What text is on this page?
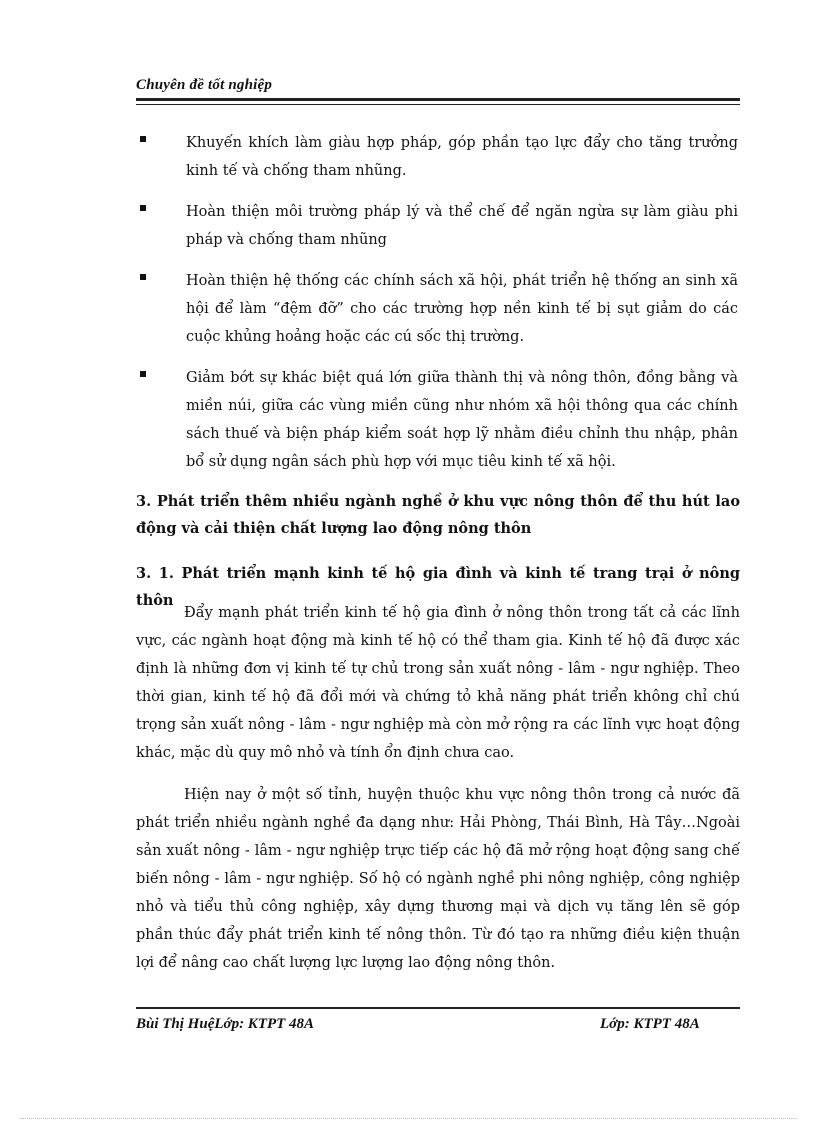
Chuyên đề tốt nghiệp
Khuyến khích làm giàu hợp pháp, góp phần tạo lực đẩy cho tăng trưởng kinh tế và chống tham nhũng.
Hoàn thiện môi trường pháp lý và thể chế để ngăn ngừa sự làm giàu phi pháp và chống tham nhũng
Hoàn thiện hệ thống các chính sách xã hội, phát triển hệ thống an sinh xã hội để làm “đệm đỡ” cho các trường hợp nền kinh tế bị sụt giảm do các cuộc khủng hoảng hoặc các cú sốc thị trường.
Giảm bớt sự khác biệt quá lớn giữa thành thị và nông thôn, đồng bằng và miền núi, giữa các vùng miền cũng như nhóm xã hội thông qua các chính sách thuế và biện pháp kiểm soát hợp lỹ nhằm điều chỉnh thu nhập, phân bổ sử dụng ngân sách phù hợp với mục tiêu kinh tế xã hội.
3. Phát triển thêm nhiều ngành nghề ở khu vực nông thôn để thu hút lao động và cải thiện chất lượng lao động nông thôn
3. 1. Phát triển mạnh kinh tế hộ gia đình và kinh tế trang trại ở nông thôn
Đẩy mạnh phát triển kinh tế hộ gia đình ở nông thôn trong tất cả các lĩnh vực, các ngành hoạt động mà kinh tế hộ có thể tham gia. Kinh tế hộ đã được xác định là những đơn vị kinh tế tự chủ trong sản xuất nông - lâm - ngư nghiệp. Theo thời gian, kinh tế hộ đã đổi mới và chứng tỏ khả năng phát triển không chỉ chú trọng sản xuất nông - lâm - ngư nghiệp mà còn mở rộng ra các lĩnh vực hoạt động khác, mặc dù quy mô nhỏ và tính ổn định chưa cao.
Hiện nay ở một số tỉnh, huyện thuộc khu vực nông thôn trong cả nước đã phát triển nhiều ngành nghề đa dạng như: Hải Phòng, Thái Bình, Hà Tây…Ngoài sản xuất nông - lâm - ngư nghiệp trực tiếp các hộ đã mở rộng hoạt động sang chế biến nông - lâm - ngư nghiệp. Số hộ có ngành nghề phi nông nghiệp, công nghiệp nhỏ và tiểu thủ công nghiệp, xây dựng thương mại và dịch vụ tăng lên sẽ góp phần thúc đẩy phát triển kinh tế nông thôn. Từ đó tạo ra những điều kiện thuận lợi để nâng cao chất lượng lực lượng lao động nông thôn.
Bùi Thị HuệLớp: KTPT 48A	Lớp: KTPT 48A
